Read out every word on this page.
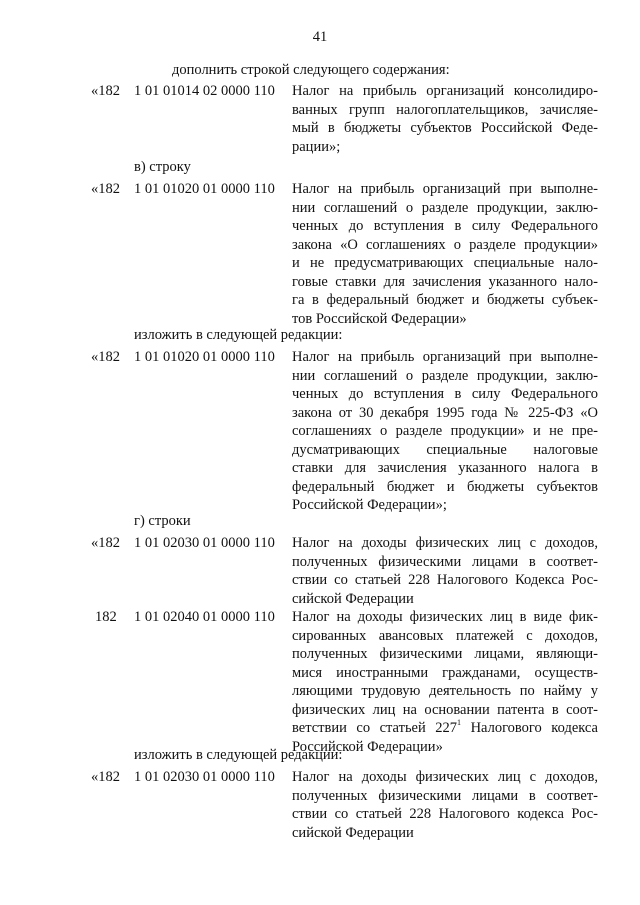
41
дополнить строкой следующего содержания:
«182 1 01 01014 02 0000 110 Налог на прибыль организаций консолидиро-
ванных групп налогоплательщиков, зачисляе-
мый в бюджеты субъектов Российской Феде-
рации»;
в) строку
«182 1 01 01020 01 0000 110 Налог на прибыль организаций при выполне-
нии соглашений о разделе продукции, заклю-
ченных до вступления в силу Федерального
закона «О соглашениях о разделе продукции»
и не предусматривающих специальные нало-
говые ставки для зачисления указанного нало-
га в федеральный бюджет и бюджеты субъек-
тов Российской Федерации»
изложить в следующей редакции:
«182 1 01 01020 01 0000 110 Налог на прибыль организаций при выполне-
нии соглашений о разделе продукции, заклю-
ченных до вступления в силу Федерального
закона от 30 декабря 1995 года № 225-ФЗ «О
соглашениях о разделе продукции» и не пре-
дусматривающих специальные налоговые
ставки для зачисления указанного налога в
федеральный бюджет и бюджеты субъектов
Российской Федерации»;
г) строки
«182 1 01 02030 01 0000 110 Налог на доходы физических лиц с доходов,
полученных физическими лицами в соответ-
ствии со статьей 228 Налогового Кодекса Рос-
сийской Федерации
182 1 01 02040 01 0000 110 Налог на доходы физических лиц в виде фик-
сированных авансовых платежей с доходов,
полученных физическими лицами, являющи-
мися иностранными гражданами, осуществ-
ляющими трудовую деятельность по найму у
физических лиц на основании патента в соот-
ветствии со статьей $227^1$ Налогового кодекса
Российской Федерации»
изложить в следующей редакции:
«182 1 01 02030 01 0000 110 Налог на доходы физических лиц с доходов,
полученных физическими лицами в соответ-
ствии со статьей 228 Налогового кодекса Рос-
сийской Федерации
